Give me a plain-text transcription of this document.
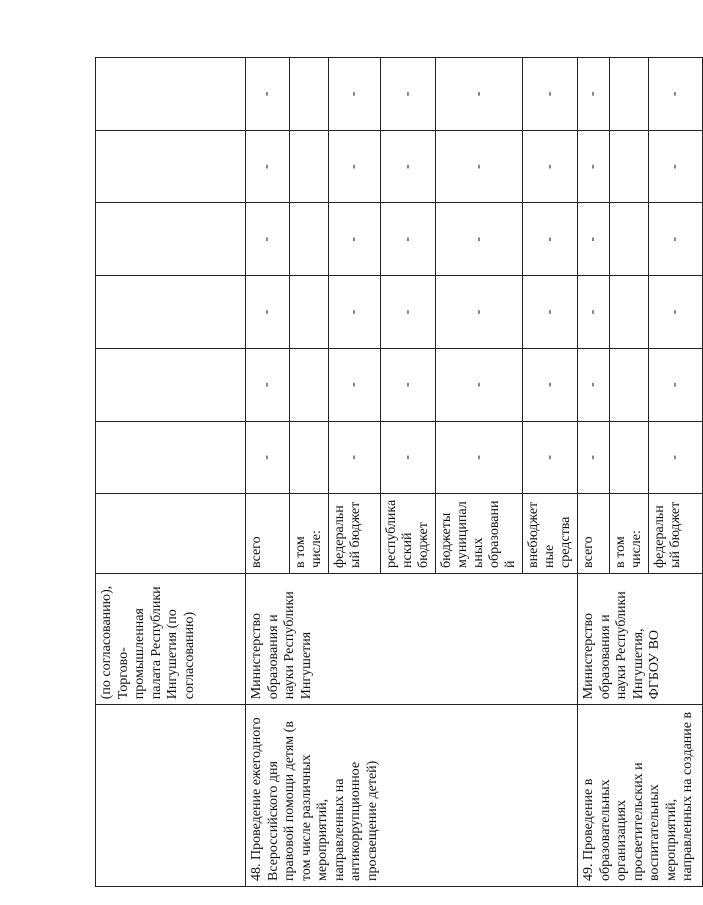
	(по согласованию), Торгово-промышленная палата Республики Ингушетия (по согласованию)							
48. Проведение ежегодного Всероссийского дня правовой помощи детям (в том числе различных мероприятий, направленных на антикоррупционное просвещение детей)	Министерство образования и науки Республики Ингушетия	всего	-	-	-	-	-	-
		в том числе:						
		федеральный бюджет	-	-	-	-	-	-
		республиканский бюджет	-	-	-	-	-	-
		бюджеты муниципальных образований	-	-	-	-	-	-
		внебюджетные средства	-	-	-	-	-	-
49. Проведение в образовательных организациях просветительских и воспитательных мероприятий, направленных на создание в	Министерство образования и науки Республики Ингушетия, ФГБОУ ВО	всего	-	-	-	-	-	-
		в том числе:						
		федеральный бюджет	-	-	-	-	-	-
